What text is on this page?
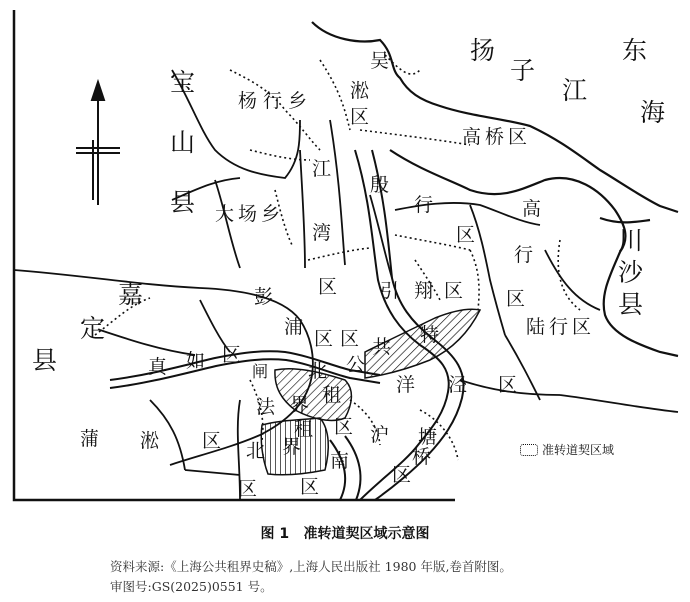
扬
子
江
东
海
宝
山
县
嘉
定
县
川
沙
县
杨行乡
大场乡
吴
淞
区
高桥区
江
湾
区
殷
行
区
高
行
区
引 翔 区
陆行区
彭
浦
区 区
闸 北
真 如 区	公
共
租
界
特
洋 泾 区
法
租
界
区 沪
南
区
塘
桥
区
蒲 淞 区 北
区
准转道契区域
图 1 准转道契区域示意图
资料来源:《上海公共租界史稿》,上海人民出版社 1980 年版,卷首附图。
审图号:GS(2025)0551 号。
